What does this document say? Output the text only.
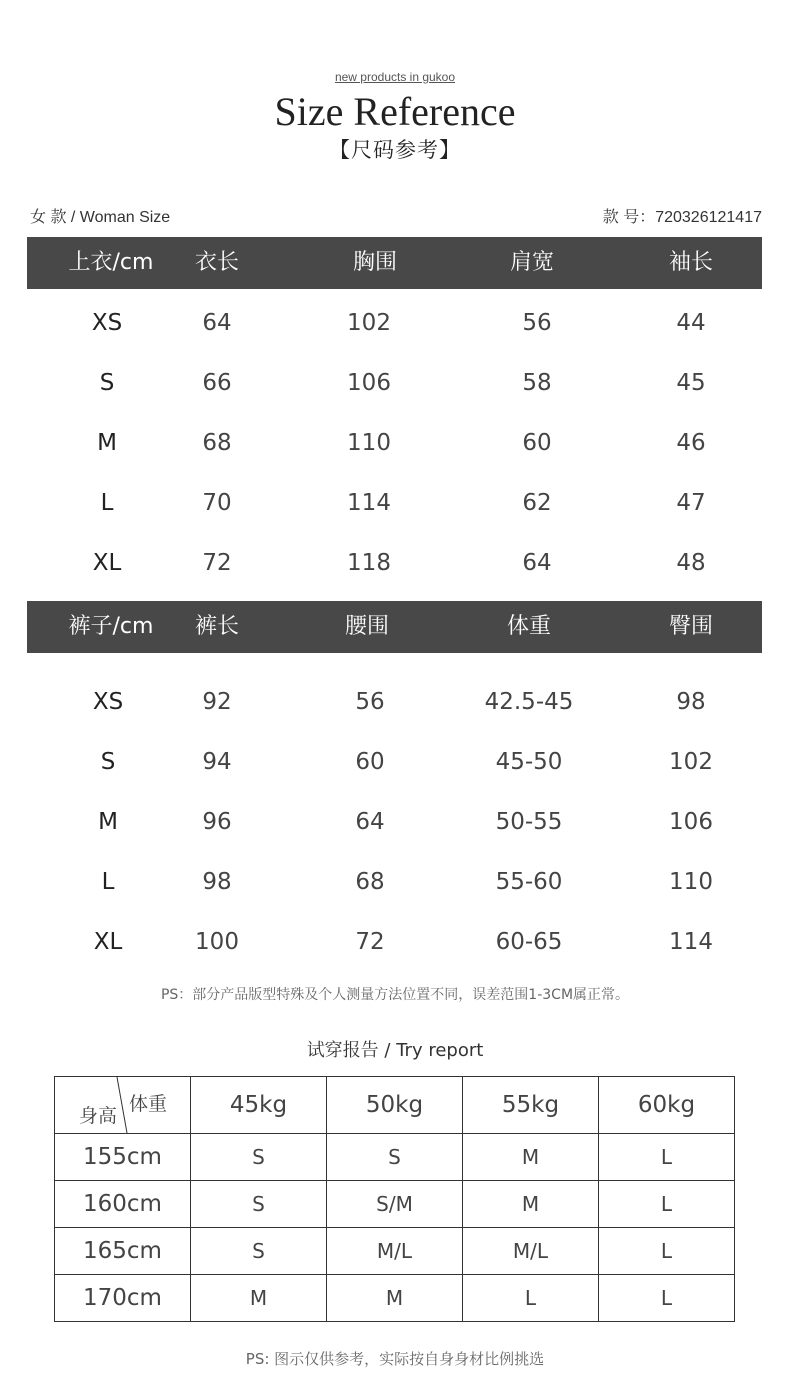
new products in gukoo
Size Reference
【尺码参考】
女 款 / Woman Size	款 号：720326121417
上衣/cm 衣长	胸围	肩宽	袖长
XS	64	102	56	44
S	66	106	58	45
M	68	110	60	46
L	70	114	62	47
XL	72	118	64	48
裤子/cm 裤长	腰围	体重	臀围
XS	92	56	42.5-45	98
S	94	60	45-50	102
M	96	64	50-55	106
L	98	68	55-60	110
XL	100	72	60-65	114
PS：部分产品版型特殊及个人测量方法位置不同，误差范围1-3CM属正常。
试穿报告 / Try report
体重
身高	45kg	50kg	55kg	60kg
155cm	S	S	M	L
160cm	S	S/M	M	L
165cm	S	M/L	M/L	L
170cm	M	M	L	L
PS: 图示仅供参考，实际按自身身材比例挑选
